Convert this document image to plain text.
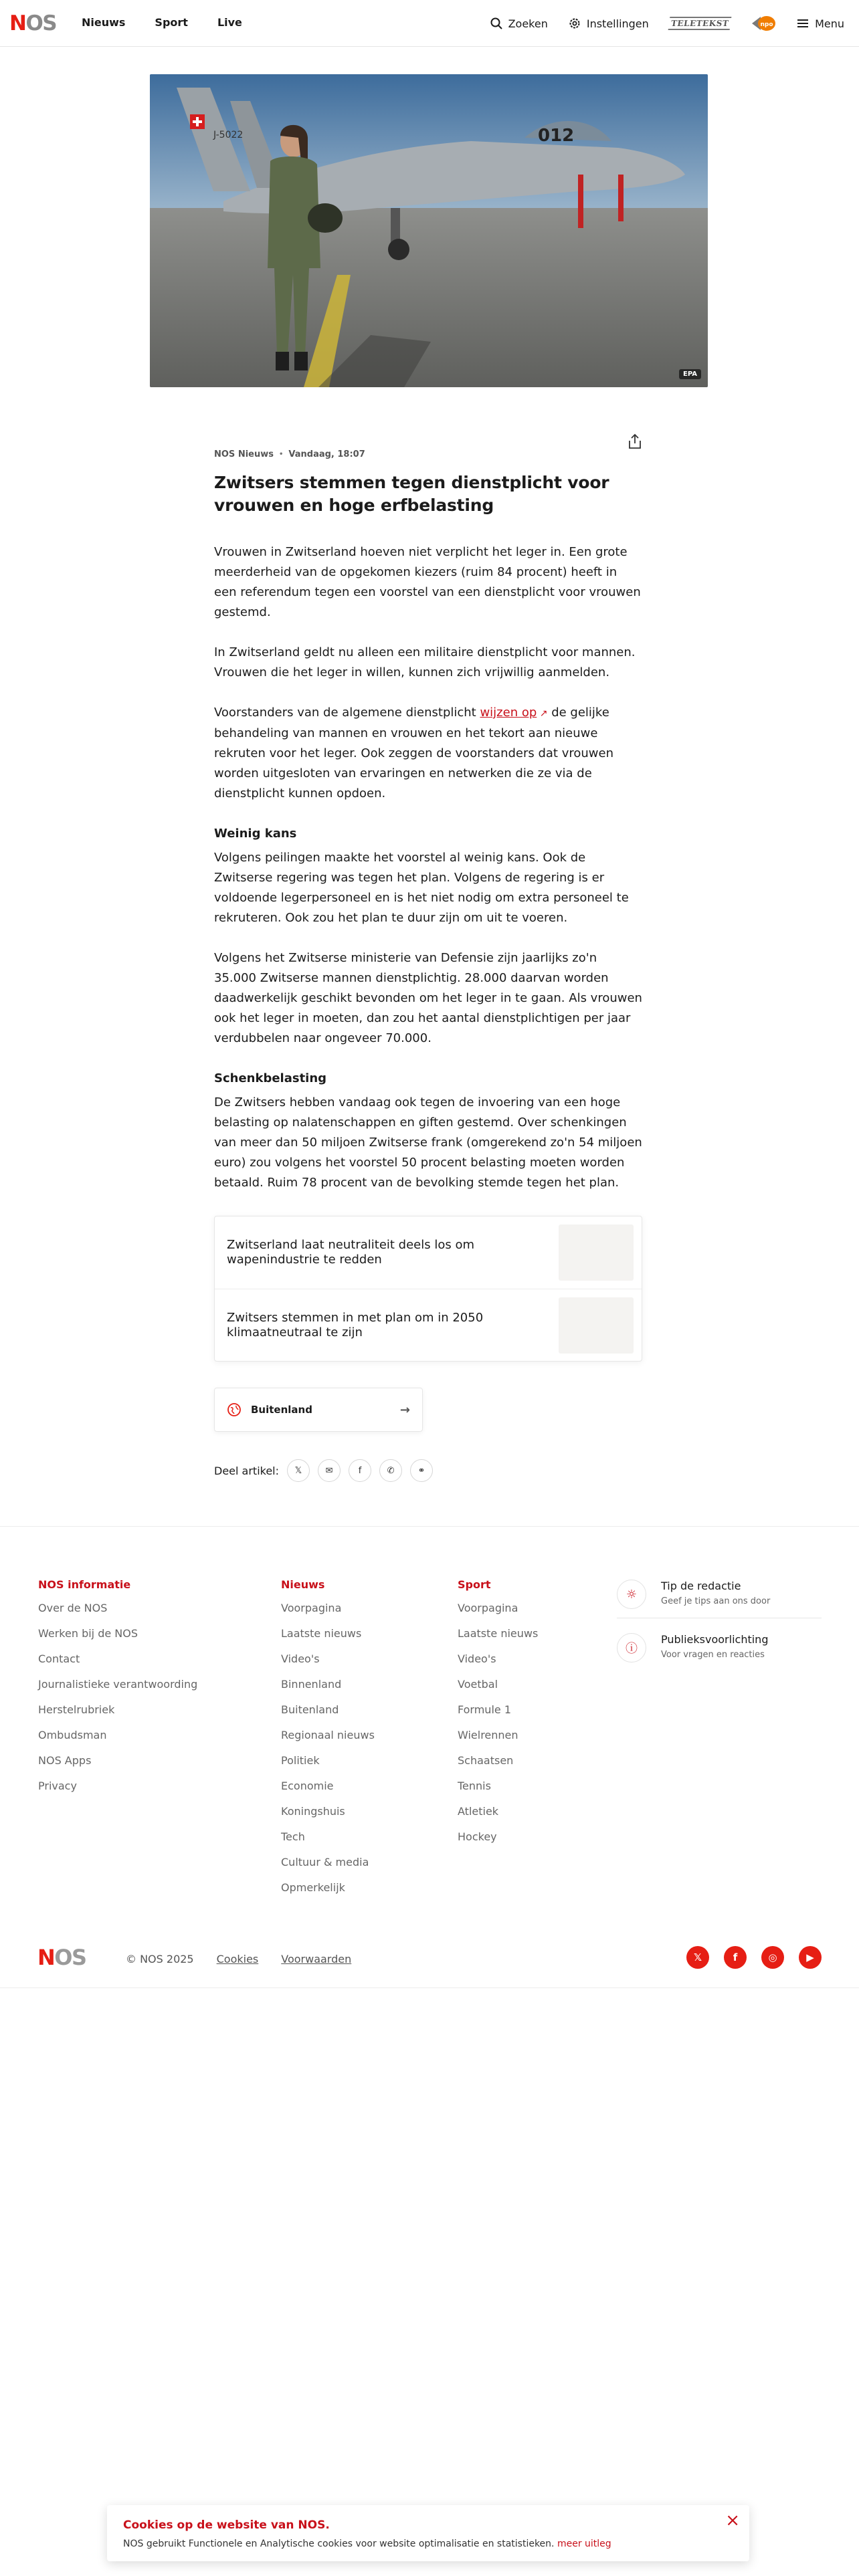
NOS Nieuws	Sport	Live	Zoeken	Instellingen	TELETEKST	npo	Menu
J-5022	012
EPA
NOS Nieuws • Vandaag, 18:07
Zwitsers stemmen tegen dienstplicht voor vrouwen en hoge erfbelasting

Vrouwen in Zwitserland hoeven niet verplicht het leger in. Een grote meerderheid van de opgekomen kiezers (ruim 84 procent) heeft in een referendum tegen een voorstel van een dienstplicht voor vrouwen gestemd.

In Zwitserland geldt nu alleen een militaire dienstplicht voor mannen. Vrouwen die het leger in willen, kunnen zich vrijwillig aanmelden.

Voorstanders van de algemene dienstplicht wijzen op ↗ de gelijke behandeling van mannen en vrouwen en het tekort aan nieuwe rekruten voor het leger. Ook zeggen de voorstanders dat vrouwen worden uitgesloten van ervaringen en netwerken die ze via de dienstplicht kunnen opdoen.

Weinig kans

Volgens peilingen maakte het voorstel al weinig kans. Ook de Zwitserse regering was tegen het plan. Volgens de regering is er voldoende legerpersoneel en is het niet nodig om extra personeel te rekruteren. Ook zou het plan te duur zijn om uit te voeren.

Volgens het Zwitserse ministerie van Defensie zijn jaarlijks zo'n 35.000 Zwitserse mannen dienstplichtig. 28.000 daarvan worden daadwerkelijk geschikt bevonden om het leger in te gaan. Als vrouwen ook het leger in moeten, dan zou het aantal dienstplichtigen per jaar verdubbelen naar ongeveer 70.000.

Schenkbelasting

De Zwitsers hebben vandaag ook tegen de invoering van een hoge belasting op nalatenschappen en giften gestemd. Over schenkingen van meer dan 50 miljoen Zwitserse frank (omgerekend zo'n 54 miljoen euro) zou volgens het voorstel 50 procent belasting moeten worden betaald. Ruim 78 procent van de bevolking stemde tegen het plan.

Zwitserland laat neutraliteit deels los om wapenindustrie te redden
Zwitsers stemmen in met plan om in 2050 klimaatneutraal te zijn
Buitenland	→
Deel artikel:	𝕏	✉	f	✆	⚭
NOS informatie
Over de NOS
Werken bij de NOS
Contact
Journalistieke verantwoording
Herstelrubriek
Ombudsman
NOS Apps
Privacy
Nieuws
Voorpagina
Laatste nieuws
Video's
Binnenland
Buitenland
Regionaal nieuws
Politiek
Economie
Koningshuis
Tech
Cultuur & media
Opmerkelijk
Sport
Voorpagina
Laatste nieuws
Video's
Voetbal
Formule 1
Wielrennen
Schaatsen
Tennis
Atletiek
Hockey
☼
Tip de redactie
Geef je tips aan ons door
ⓘ
Publieksvoorlichting
Voor vragen en reacties
NOS	© NOS 2025 Cookies Voorwaarden	𝕏	f	◎	▶
Cookies op de website van NOS.

NOS gebruikt Functionele en Analytische cookies voor website optimalisatie en statistieken. meer uitleg

×
